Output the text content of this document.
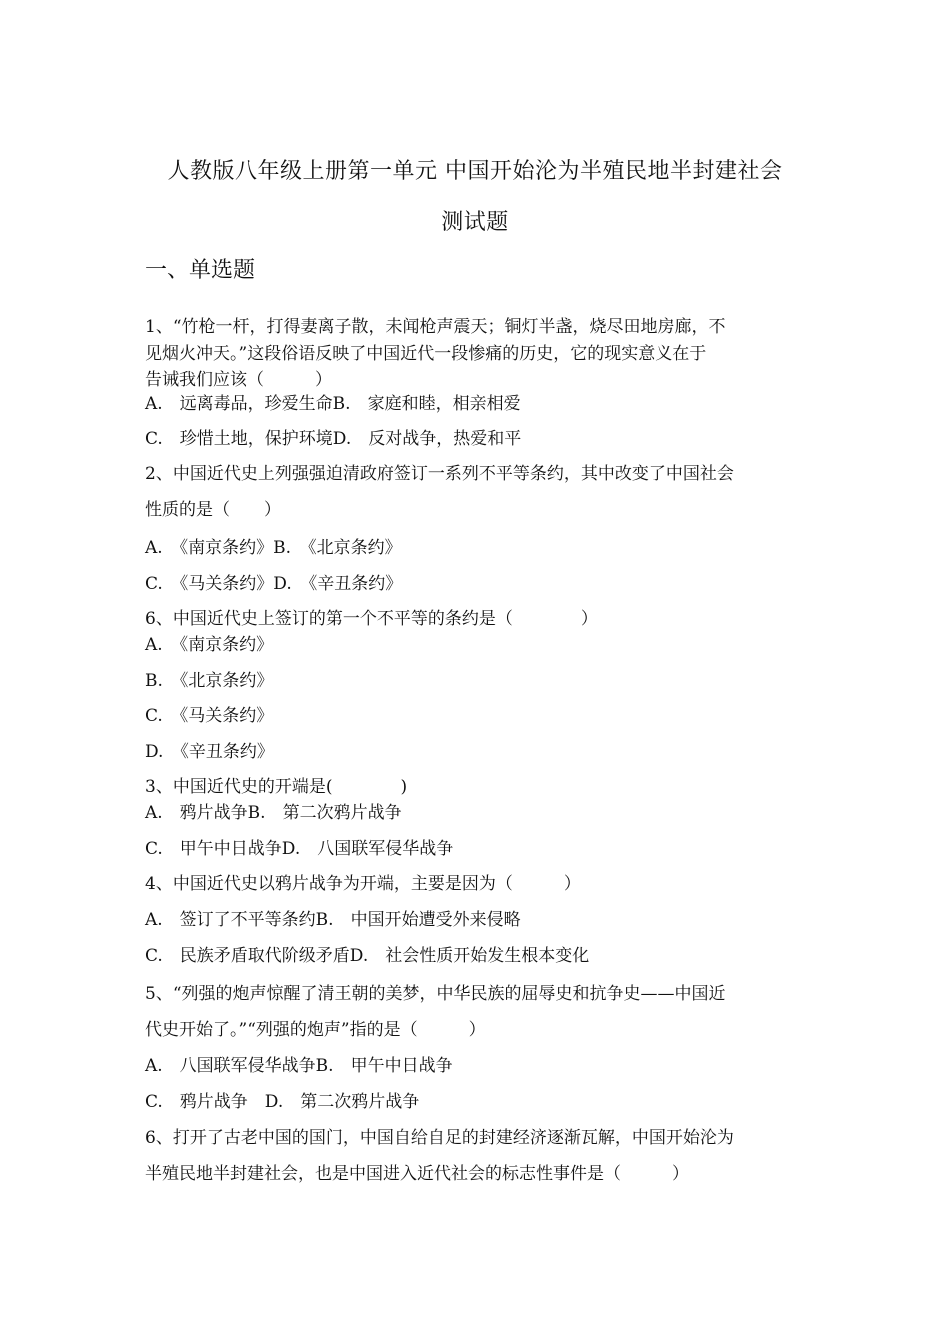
人教版八年级上册第一单元 中国开始沦为半殖民地半封建社会
测试题
一、单选题
1、“竹枪一杆，打得妻离子散，未闻枪声震天；铜灯半盏，烧尽田地房廊，不
见烟火冲天。”这段俗语反映了中国近代一段惨痛的历史，它的现实意义在于
告诫我们应该（　　　）
A.　远离毒品，珍爱生命B.　家庭和睦，相亲相爱
C.　珍惜土地，保护环境D.　反对战争，热爱和平
2、中国近代史上列强强迫清政府签订一系列不平等条约，其中改变了中国社会
性质的是（　　）
A.　《南京条约》B.　《北京条约》
C.　《马关条约》D.　《辛丑条约》
6、中国近代史上签订的第一个不平等的条约是（　　　　）
A.　《南京条约》
B.　《北京条约》
C.　《马关条约》
D.　《辛丑条约》
3、中国近代史的开端是(　　　　)
A.　鸦片战争B.　第二次鸦片战争
C.　甲午中日战争D.　八国联军侵华战争
4、中国近代史以鸦片战争为开端，主要是因为（　　　）
A.　签订了不平等条约B.　中国开始遭受外来侵略
C.　民族矛盾取代阶级矛盾D.　社会性质开始发生根本变化
5、“列强的炮声惊醒了清王朝的美梦，中华民族的屈辱史和抗争史——中国近
代史开始了。”“列强的炮声”指的是（　　　）
A.　八国联军侵华战争B.　甲午中日战争
C.　鸦片战争　D.　第二次鸦片战争
6、打开了古老中国的国门，中国自给自足的封建经济逐渐瓦解，中国开始沦为
半殖民地半封建社会，也是中国进入近代社会的标志性事件是（　　　）
